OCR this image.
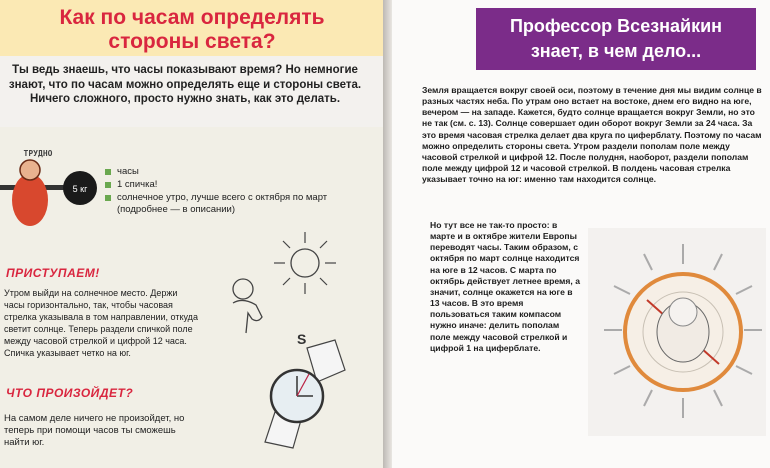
Как по часам определять стороны света?
Ты ведь знаешь, что часы показывают время? Но немногие знают, что по часам можно определять еще и стороны света. Ничего сложного, просто нужно знать, как это делать.
5 кг
ТРУДНО
часы
1 спичка!
солнечное утро, лучше всего с октября по март (подробнее — в описании)
ПРИСТУПАЕМ!
Утром выйди на солнечное место. Держи часы горизонтально, так, чтобы часовая стрелка указывала в том направлении, откуда светит солнце. Теперь раздели спичкой поле между часовой стрелкой и цифрой 12 часа. Спичка указывает четко на юг.
S
ЧТО ПРОИЗОЙДЕТ?
На самом деле ничего не произойдет, но теперь при помощи часов ты сможешь найти юг.
Профессор Всезнайкин знает, в чем дело...
Земля вращается вокруг своей оси, поэтому в течение дня мы видим солнце в разных частях неба. По утрам оно встает на востоке, днем его видно на юге, вечером — на западе. Кажется, будто солнце вращается вокруг Земли, но это не так (см. с. 13). Солнце совершает один оборот вокруг Земли за 24 часа. За это время часовая стрелка делает два круга по циферблату. Поэтому по часам можно определить стороны света. Утром раздели пополам поле между часовой стрелкой и цифрой 12. После полудня, наоборот, раздели пополам поле между цифрой 12 и часовой стрелкой. В полдень часовая стрелка указывает точно на юг: именно там находится солнце.
Но тут все не так-то просто: в марте и в октябре жители Европы переводят часы. Таким образом, с октября по март солнце находится на юге в 12 часов. С марта по октябрь действует летнее время, а значит, солнце окажется на юге в 13 часов. В это время пользоваться таким компасом нужно иначе: делить пополам поле между часовой стрелкой и цифрой 1 на циферблате.
